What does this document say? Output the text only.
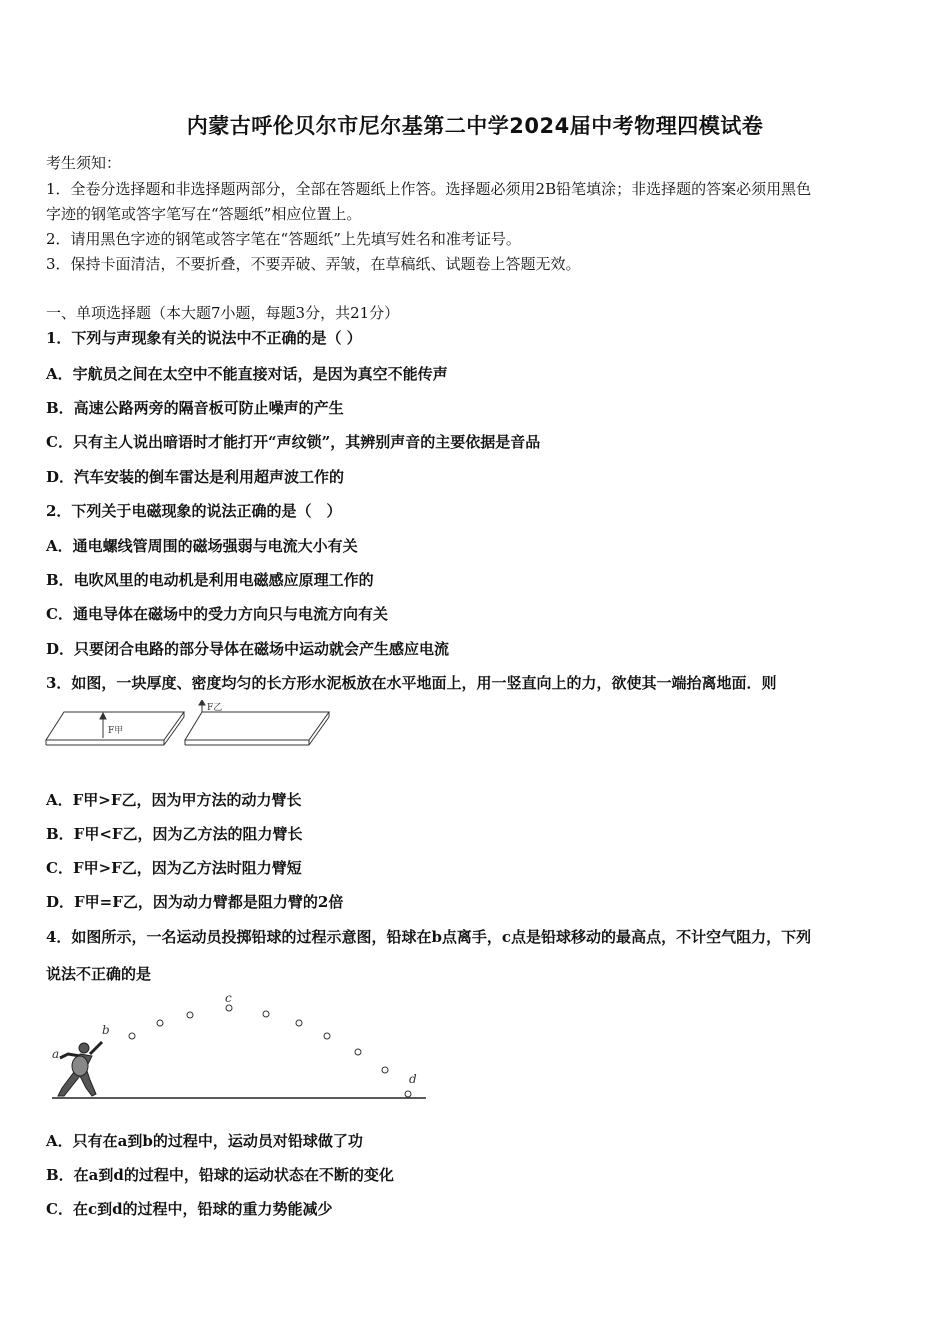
内蒙古呼伦贝尔市尼尔基第二中学2024届中考物理四模试卷
考生须知：
1．全卷分选择题和非选择题两部分，全部在答题纸上作答。选择题必须用2B铅笔填涂；非选择题的答案必须用黑色
字迹的钢笔或答字笔写在“答题纸”相应位置上。
2．请用黑色字迹的钢笔或答字笔在“答题纸”上先填写姓名和准考证号。
3．保持卡面清洁，不要折叠，不要弄破、弄皱，在草稿纸、试题卷上答题无效。
一、单项选择题（本大题7小题，每题3分，共21分）
1．下列与声现象有关的说法中不正确的是（ ）
A．宇航员之间在太空中不能直接对话，是因为真空不能传声
B．高速公路两旁的隔音板可防止噪声的产生
C．只有主人说出暗语时才能打开“声纹锁”，其辨别声音的主要依据是音品
D．汽车安装的倒车雷达是利用超声波工作的
2．下列关于电磁现象的说法正确的是（　）
A．通电螺线管周围的磁场强弱与电流大小有关
B．电吹风里的电动机是利用电磁感应原理工作的
C．通电导体在磁场中的受力方向只与电流方向有关
D．只要闭合电路的部分导体在磁场中运动就会产生感应电流
3．如图，一块厚度、密度均匀的长方形水泥板放在水平地面上，用一竖直向上的力，欲使其一端抬离地面．则
F甲
F乙
A．F甲>F乙，因为甲方法的动力臂长
B．F甲<F乙，因为乙方法的阻力臂长
C．F甲>F乙，因为乙方法时阻力臂短
D．F甲=F乙，因为动力臂都是阻力臂的2倍
4．如图所示，一名运动员投掷铅球的过程示意图，铅球在b点离手，c点是铅球移动的最高点，不计空气阻力，下列
说法不正确的是
a
b
c
d
A．只有在a到b的过程中，运动员对铅球做了功
B．在a到d的过程中，铅球的运动状态在不断的变化
C．在c到d的过程中，铅球的重力势能减少
